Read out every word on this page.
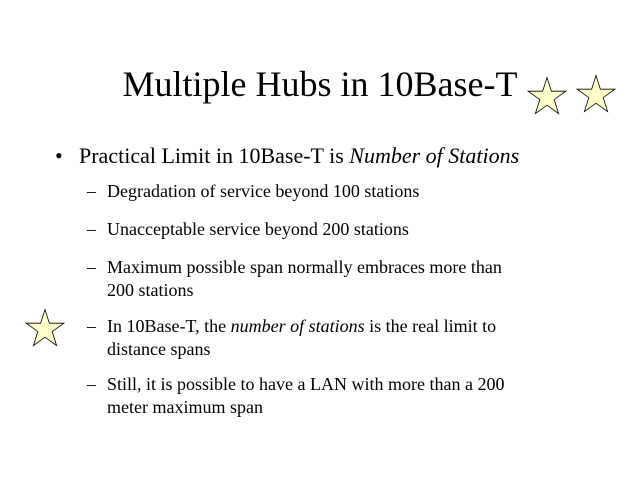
Multiple Hubs in 10Base-T
• Practical Limit in 10Base-T is Number of Stations
– Degradation of service beyond 100 stations
– Unacceptable service beyond 200 stations
– Maximum possible span normally embraces more than
200 stations
– In 10Base-T, the number of stations is the real limit to
distance spans
– Still, it is possible to have a LAN with more than a 200
meter maximum span
